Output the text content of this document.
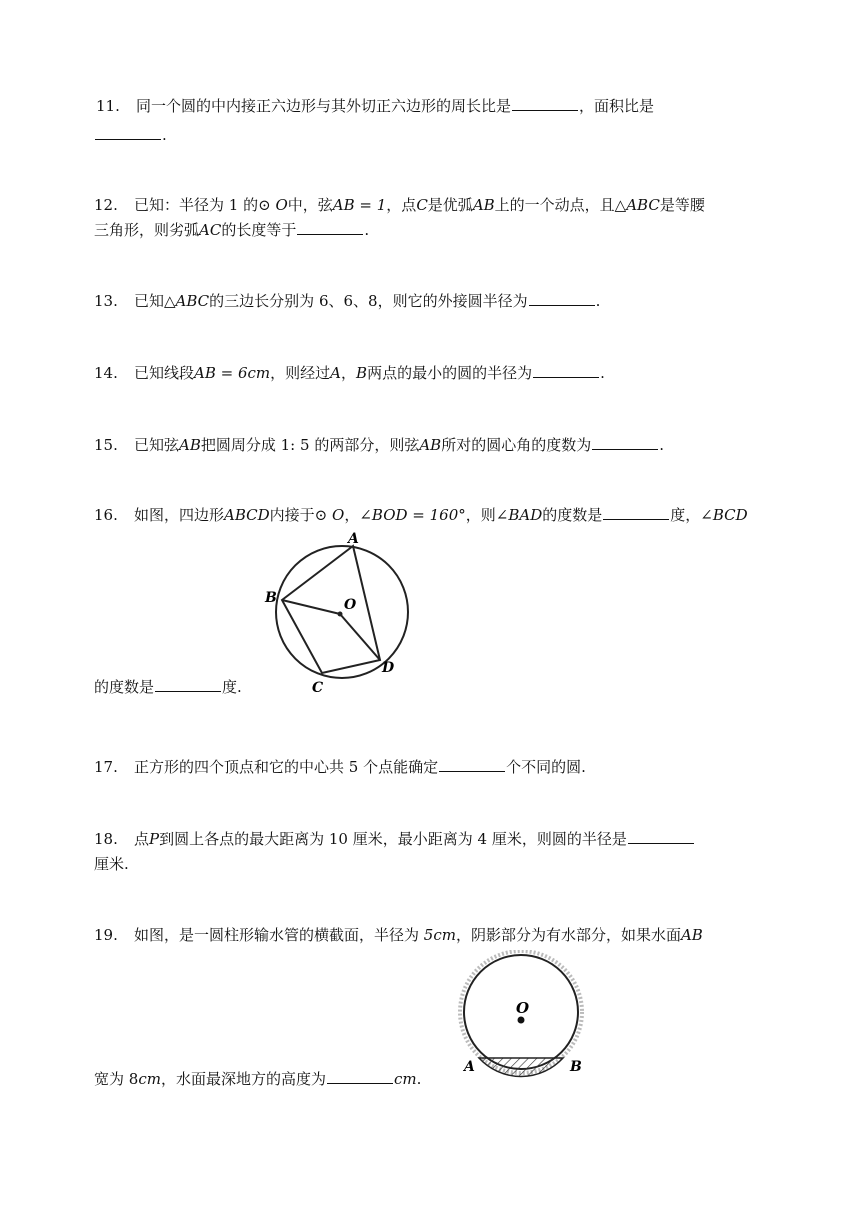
11. 同一个圆的中内接正六边形与其外切正六边形的周长比是	，面积比是
.
12. 已知：半径为 1 的⊙ O中，弦AB = 1，点C是优弧AB上的一个动点，且△ABC是等腰
三角形，则劣弧AC的长度等于	.
13. 已知△ABC的三边长分别为 6、6、8，则它的外接圆半径为	.
14. 已知线段AB = 6cm，则经过A，B两点的最小的圆的半径为	.
15. 已知弦AB把圆周分成 1: 5 的两部分，则弦AB所对的圆心角的度数为	.
16. 如图，四边形ABCD内接于⊙ O，∠BOD = 160°，则∠BAD的度数是	度，∠BCD
A
B	O
C
D
的度数是	度.
17. 正方形的四个顶点和它的中心共 5 个点能确定	个不同的圆.
18. 点P到圆上各点的最大距离为 10 厘米，最小距离为 4 厘米，则圆的半径是
厘米.
19. 如图，是一圆柱形输水管的横截面，半径为 5cm，阴影部分为有水部分，如果水面AB
O
A	B
宽为 8cm，水面最深地方的高度为	cm.
